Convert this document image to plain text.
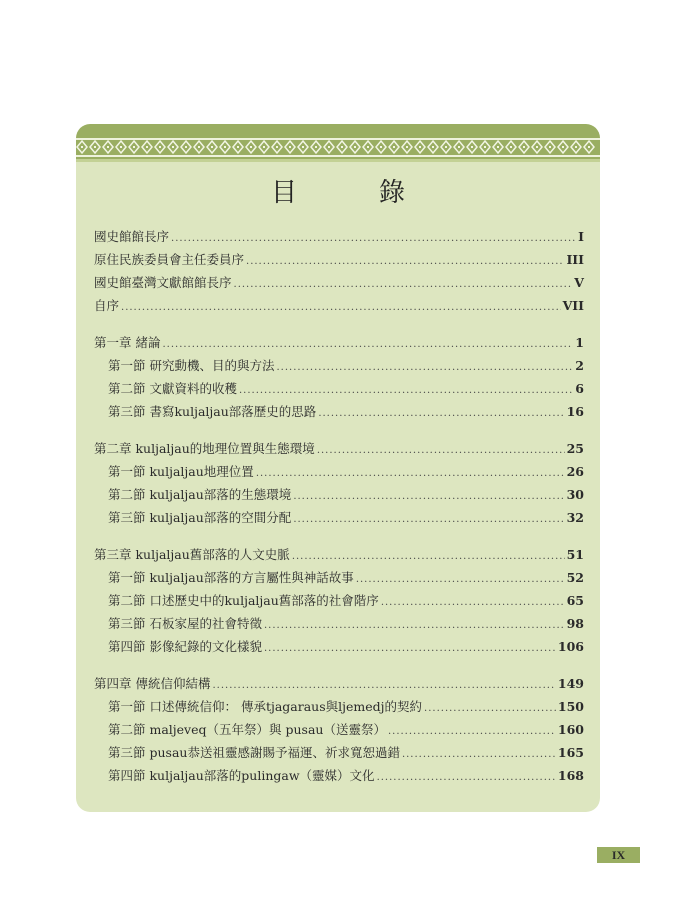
目　錄
國史館館長序 .....	I
原住民族委員會主任委員序 .....	III
國史館臺灣文獻館館長序 .....	V
自序 .....	VII
第一章 緒論 .....	1
第一節 研究動機、目的與方法 .....	2
第二節 文獻資料的收穫 .....	6
第三節 書寫kuljaljau部落歷史的思路 .....	16
第二章 kuljaljau的地理位置與生態環境 .....	25
第一節 kuljaljau地理位置 .....	26
第二節 kuljaljau部落的生態環境 .....	30
第三節 kuljaljau部落的空間分配 .....	32
第三章 kuljaljau舊部落的人文史脈 .....	51
第一節 kuljaljau部落的方言屬性與神話故事 .....	52
第二節 口述歷史中的kuljaljau舊部落的社會階序 .....	65
第三節 石板家屋的社會特徵 .....	98
第四節 影像紀錄的文化樣貌 .....	106
第四章 傳統信仰結構 .....	149
第一節 口述傳統信仰： 傳承tjagaraus與ljemedj的契約 .....	150
第二節 maljeveq（五年祭）與 pusau（送靈祭） .....	160
第三節 pusau恭送祖靈感謝賜予福運、祈求寬恕過錯 .....	165
第四節 kuljaljau部落的pulingaw（靈媒）文化 .....	168
IX
